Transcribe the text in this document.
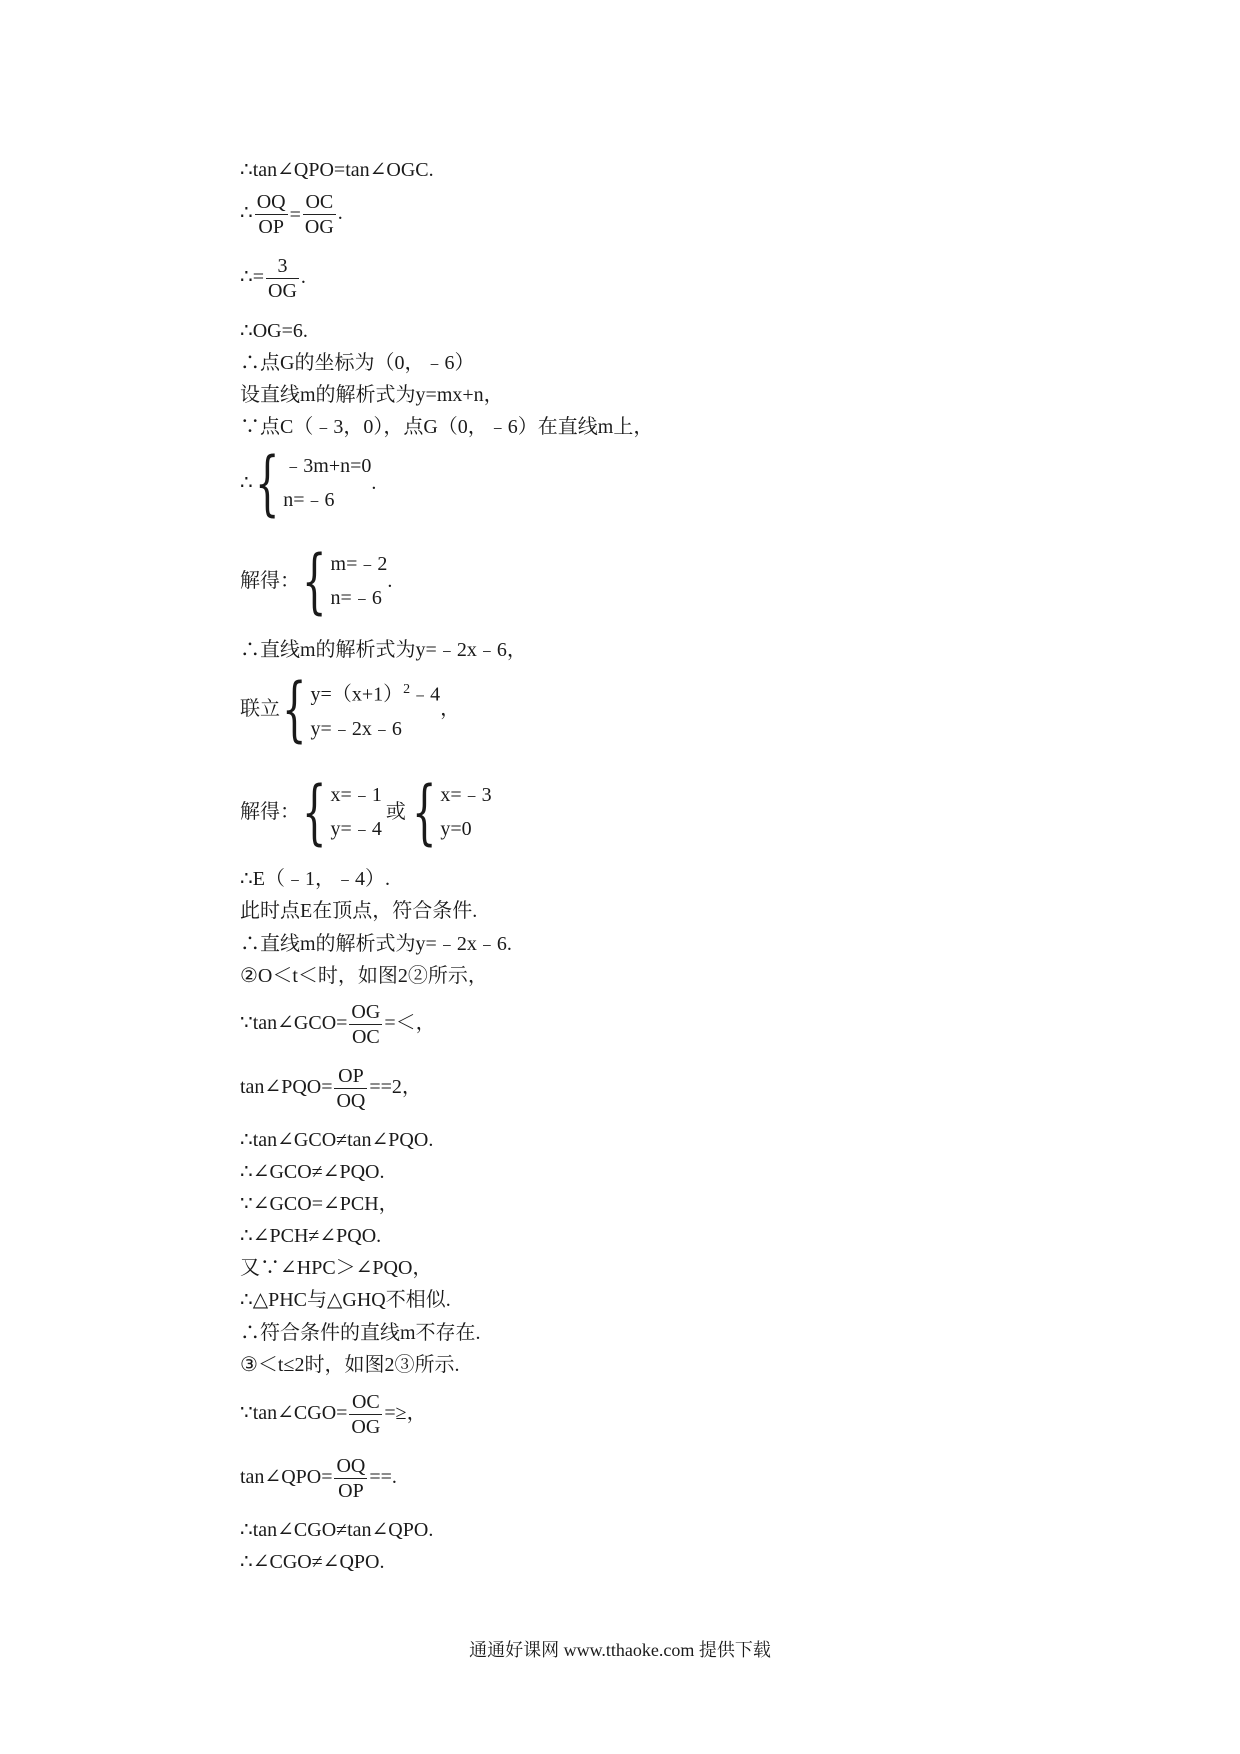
∴tan∠QPO=tan∠OGC.
∴ $\frac{OQ}{OP} = \frac{OC}{OG}$ .
∴= $\frac{3}{OG}$ .
∴OG=6.
∴点G的坐标为（0，﹣6）
设直线m的解析式为y=mx+n，
∵点C（﹣3，0），点G（0，﹣6）在直线m上，
∴ { ﹣3m+n=0
n=﹣6
.
解得： { m=﹣2
n=﹣6
.
∴直线m的解析式为y=﹣2x﹣6，
联立 { $y=(x+1)^2﹣4$
y=﹣2x﹣6
，
解得： { x=﹣1
y=﹣4
或 { x=﹣3
y=0
∴E（﹣1，﹣4）.
此时点E在顶点，符合条件.
∴直线m的解析式为y=﹣2x﹣6.
②O＜t＜时，如图2②所示，
∵tan∠GCO= $\frac{OG}{OC}$ =＜，
tan∠PQO= $\frac{OP}{OQ} ==2$，
∴tan∠GCO≠tan∠PQO.
∴∠GCO≠∠PQO.
∵∠GCO=∠PCH，
∴∠PCH≠∠PQO.
又∵∠HPC＞∠PQO，
∴△PHC与△GHQ不相似.
∴符合条件的直线m不存在.
③＜t≤2时，如图2③所示.
∵tan∠CGO= $\frac{OC}{OG}$ =≥，
tan∠QPO= $\frac{OQ}{OP}$ ==.
∴tan∠CGO≠tan∠QPO.
∴∠CGO≠∠QPO.
通通好课网 www.tthaoke.com 提供下载
